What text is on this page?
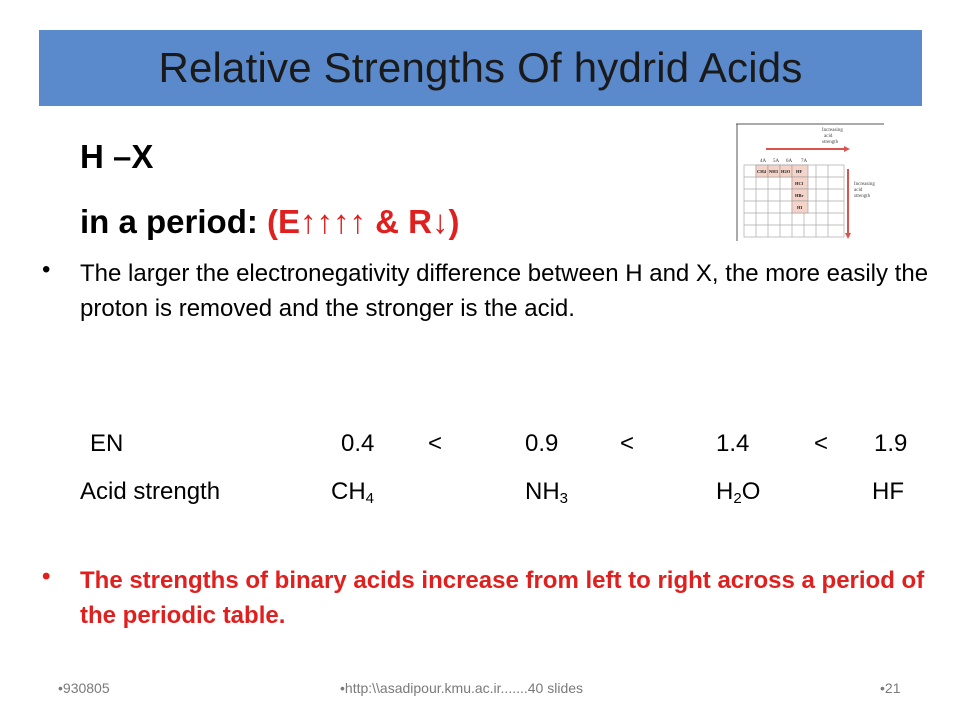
Relative Strengths Of hydrid Acids
H –X
in a period: (E↑↑↑↑ & R↓)
Increasing
acid
strength
4A 5A 6A 7A
CH4 NH3 H2O HF
HCl
HBr
HI
Increasing
acid
strength
• The larger the electronegativity difference between H and X, the more easily the proton is removed and the stronger is the acid.
EN	0.4 <	0.9	<	1.4	< 1.9
Acid strength	$CH_4$	$NH_3$	$H_2O$	HF
• The strengths of binary acids increase from left to right across a period of the periodic table.
•930805	•http:\\asadipour.kmu.ac.ir.......40 slides	•21
